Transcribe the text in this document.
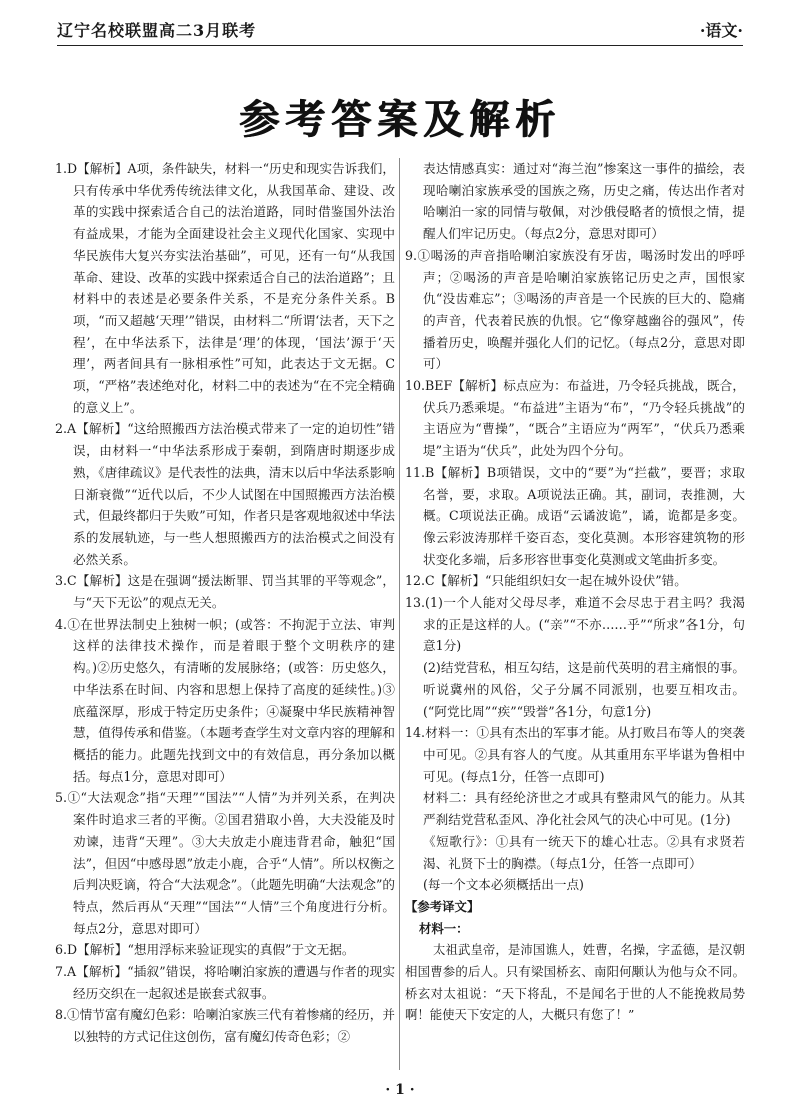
辽宁名校联盟高二3月联考	·语文·
参考答案及解析

1.D【解析】A项，条件缺失，材料一“历史和现实告诉我们，只有传承中华优秀传统法律文化，从我国革命、建设、改革的实践中探索适合自己的法治道路，同时借鉴国外法治有益成果，才能为全面建设社会主义现代化国家、实现中华民族伟大复兴夯实法治基础”，可见，还有一句“从我国革命、建设、改革的实践中探索适合自己的法治道路”；且材料中的表述是必要条件关系，不是充分条件关系。B项，“而又超越‘天理’”错误，由材料二“所谓‘法者，天下之程’，在中华法系下，法律是‘理’的体现，‘国法’源于‘天理’，两者间具有一脉相承性”可知，此表达于文无据。C项，“严格”表述绝对化，材料二中的表述为“在不完全精确的意义上”。

2.A【解析】“这给照搬西方法治模式带来了一定的迫切性”错误，由材料一“中华法系形成于秦朝，到隋唐时期逐步成熟，《唐律疏议》是代表性的法典，清末以后中华法系影响日渐衰微”“近代以后，不少人试图在中国照搬西方法治模式，但最终都归于失败”可知，作者只是客观地叙述中华法系的发展轨迹，与一些人想照搬西方的法治模式之间没有必然关系。

3.C【解析】这是在强调“援法断罪、罚当其罪的平等观念”，与“天下无讼”的观点无关。

4.①在世界法制史上独树一帜；(或答：不拘泥于立法、审判这样的法律技术操作，而是着眼于整个文明秩序的建构。)②历史悠久，有清晰的发展脉络；(或答：历史悠久，中华法系在时间、内容和思想上保持了高度的延续性。)③底蕴深厚，形成于特定历史条件；④凝聚中华民族精神智慧，值得传承和借鉴。（本题考查学生对文章内容的理解和概括的能力。此题先找到文中的有效信息，再分条加以概括。每点1分，意思对即可）

5.①“大法观念”指“天理”“国法”“人情”为并列关系，在判决案件时追求三者的平衡。②国君猎取小兽，大夫没能及时劝谏，违背“天理”。③大夫放走小鹿违背君命，触犯“国法”，但因“中感母恩”放走小鹿，合乎“人情”。所以权衡之后判决贬谪，符合“大法观念”。（此题先明确“大法观念”的特点，然后再从“天理”“国法”“人情”三个角度进行分析。每点2分，意思对即可）

6.D【解析】“想用浮标来验证现实的真假”于文无据。

7.A【解析】“插叙”错误，将哈喇泊家族的遭遇与作者的现实经历交织在一起叙述是嵌套式叙事。

8.①情节富有魔幻色彩：哈喇泊家族三代有着惨痛的经历，并以独特的方式记住这创伤，富有魔幻传奇色彩；②

表达情感真实：通过对“海兰泡”惨案这一事件的描绘，表现哈喇泊家族承受的国族之殇，历史之痛，传达出作者对哈喇泊一家的同情与敬佩，对沙俄侵略者的愤恨之情，提醒人们牢记历史。（每点2分，意思对即可）

9.①喝汤的声音指哈喇泊家族没有牙齿，喝汤时发出的呼呼声；②喝汤的声音是哈喇泊家族铭记历史之声，国恨家仇“没齿难忘”；③喝汤的声音是一个民族的巨大的、隐痛的声音，代表着民族的仇恨。它“像穿越幽谷的强风”，传播着历史，唤醒并强化人们的记忆。（每点2分，意思对即可）

10.BEF【解析】标点应为：布益进，乃令轻兵挑战，既合，伏兵乃悉乘堤。“布益进”主语为“布”，“乃令轻兵挑战”的主语应为“曹操”，“既合”主语应为“两军”，“伏兵乃悉乘堤”主语为“伏兵”，此处为四个分句。

11.B【解析】B项错误，文中的“要”为“拦截”，要晋；求取名誉，要，求取。A项说法正确。其，副词，表推测，大概。C项说法正确。成语“云谲波诡”，谲，诡都是多变。像云彩波涛那样千姿百态，变化莫测。本形容建筑物的形状变化多端，后多形容世事变化莫测或文笔曲折多变。

12.C【解析】“只能组织妇女一起在城外设伏”错。

13.(1)一个人能对父母尽孝，难道不会尽忠于君主吗？我渴求的正是这样的人。(“亲”“不亦……乎”“所求”各1分，句意1分)

(2)结党营私，相互勾结，这是前代英明的君主痛恨的事。听说冀州的风俗，父子分属不同派别，也要互相攻击。(“阿党比周”“疾”“毁誉”各1分，句意1分)

14.材料一：①具有杰出的军事才能。从打败吕布等人的突袭中可见。②具有容人的气度。从其重用东平毕谌为鲁相中可见。(每点1分，任答一点即可)

材料二：具有经纶济世之才或具有整肃风气的能力。从其严刹结党营私歪风、净化社会风气的决心中可见。(1分)

《短歌行》：①具有一统天下的雄心壮志。②具有求贤若渴、礼贤下士的胸襟。（每点1分，任答一点即可）

(每一个文本必须概括出一点)

【参考译文】

材料一：

太祖武皇帝，是沛国谯人，姓曹，名操，字孟德，是汉朝相国曹参的后人。只有梁国桥玄、南阳何颙认为他与众不同。桥玄对太祖说：“天下将乱，不是闻名于世的人不能挽救局势啊！能使天下安定的人，大概只有您了！”

· 1 ·
